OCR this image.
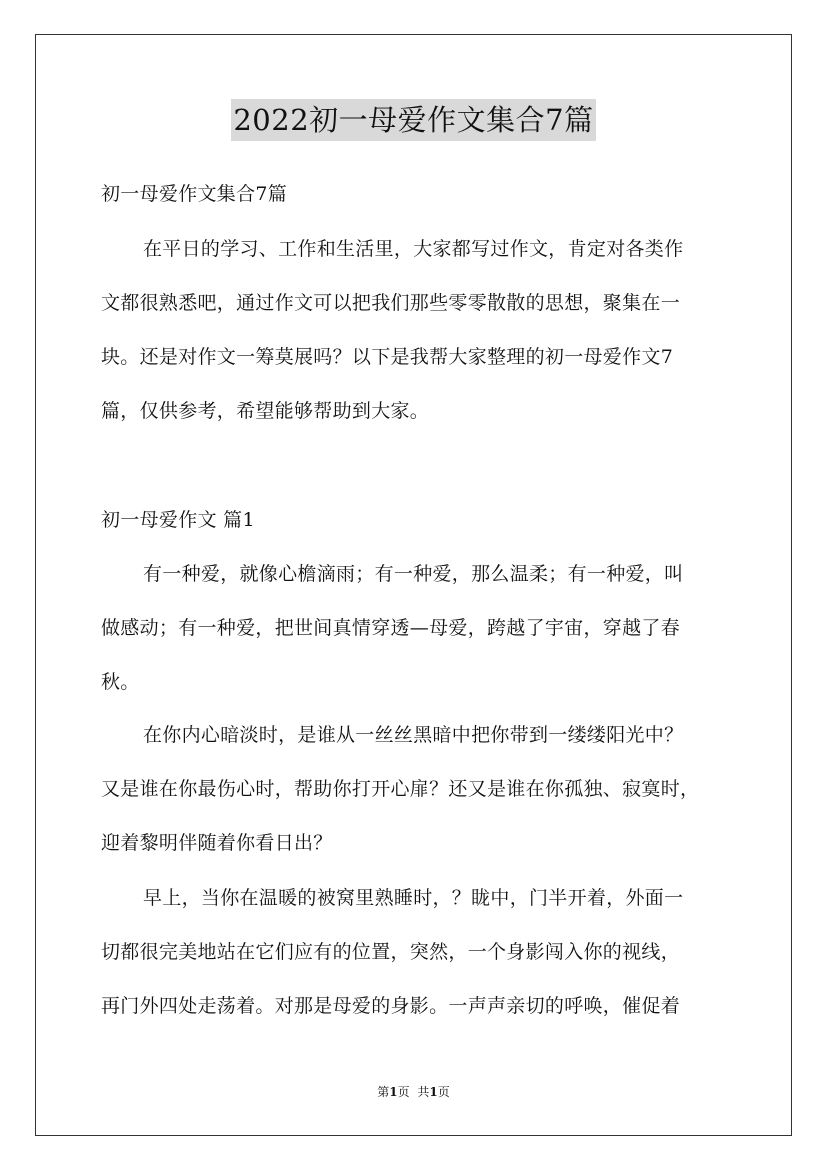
2022初一母爱作文集合7篇
初一母爱作文集合7篇
在平日的学习、工作和生活里，大家都写过作文，肯定对各类作
文都很熟悉吧，通过作文可以把我们那些零零散散的思想，聚集在一
块。还是对作文一筹莫展吗？以下是我帮大家整理的初一母爱作文7
篇，仅供参考，希望能够帮助到大家。
初一母爱作文 篇1
有一种爱，就像心檐滴雨；有一种爱，那么温柔；有一种爱，叫
做感动；有一种爱，把世间真情穿透—母爱，跨越了宇宙，穿越了春
秋。
在你内心暗淡时，是谁从一丝丝黑暗中把你带到一缕缕阳光中？
又是谁在你最伤心时，帮助你打开心扉？还又是谁在你孤独、寂寞时，
迎着黎明伴随着你看日出？
早上，当你在温暖的被窝里熟睡时，？眬中，门半开着，外面一
切都很完美地站在它们应有的位置，突然，一个身影闯入你的视线，
再门外四处走荡着。对那是母爱的身影。一声声亲切的呼唤，催促着
第1页 共1页
